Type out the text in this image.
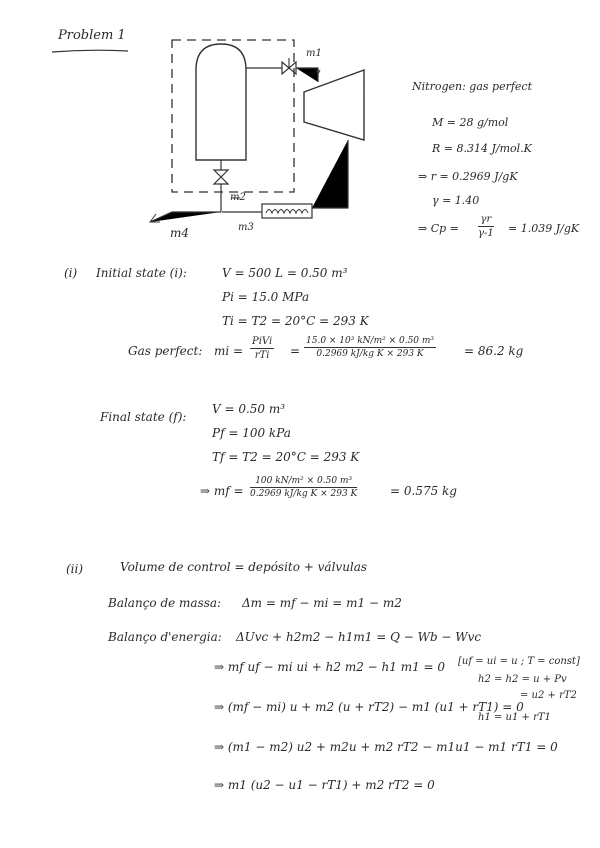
Problem 1
m1
m2
m3
m4
Nitrogen: gas perfect
M = 28 g/mol
R = 8.314 J/mol.K
⇒ r = 0.2969 J/gK
γ = 1.40
⇒ $Cp = \frac{\gamma r}{\gamma-1} = 1.039$ J/gK
(i) Initial state (i):	V = 500 L = 0.50 m³
Pi = 15.0 MPa
Ti = T2 = 20°C = 293 K
Gas perfect: mi =
PiVi
rTi	= $\frac{\text{15.0 × 10³ kN/m² × 0.50 m³}}{\text{0.2969 kJ/kg K × 293 K}} = 86.2$ kg
Final state (f):
V = 0.50 m³
Pf = 100 kPa
Tf = T2 = 20°C = 293 K
⇒ mf = $\frac{\text{100 kN/m² × 0.50 m³}}{\text{0.2969 kJ/kg K × 293 K}}$	= 0.575 kg
(ii)	Volume de control = depósito + válvulas
Balanço de massa: Δm = mf − mi = m1 − m2
Balanço d'energia: ΔUvc + h2m2 − h1m1 = Q − Wb − Wvc
⇒ mf uf − mi ui + h2 m2 − h1 m1 = 0
⇒ (mf − mi) u + m2 (u + rT2) − m1 (u1 + rT1) = 0
⇒ (m1 − m2) u2 + m2u + m2 rT2 − m1u1 − m1 rT1 = 0
⇒ m1 (u2 − u1 − rT1) + m2 rT2 = 0
[uf = ui = u ; T = const]
h2 = h2 = u + Pv
= u2 + rT2
h1 = u1 + rT1
